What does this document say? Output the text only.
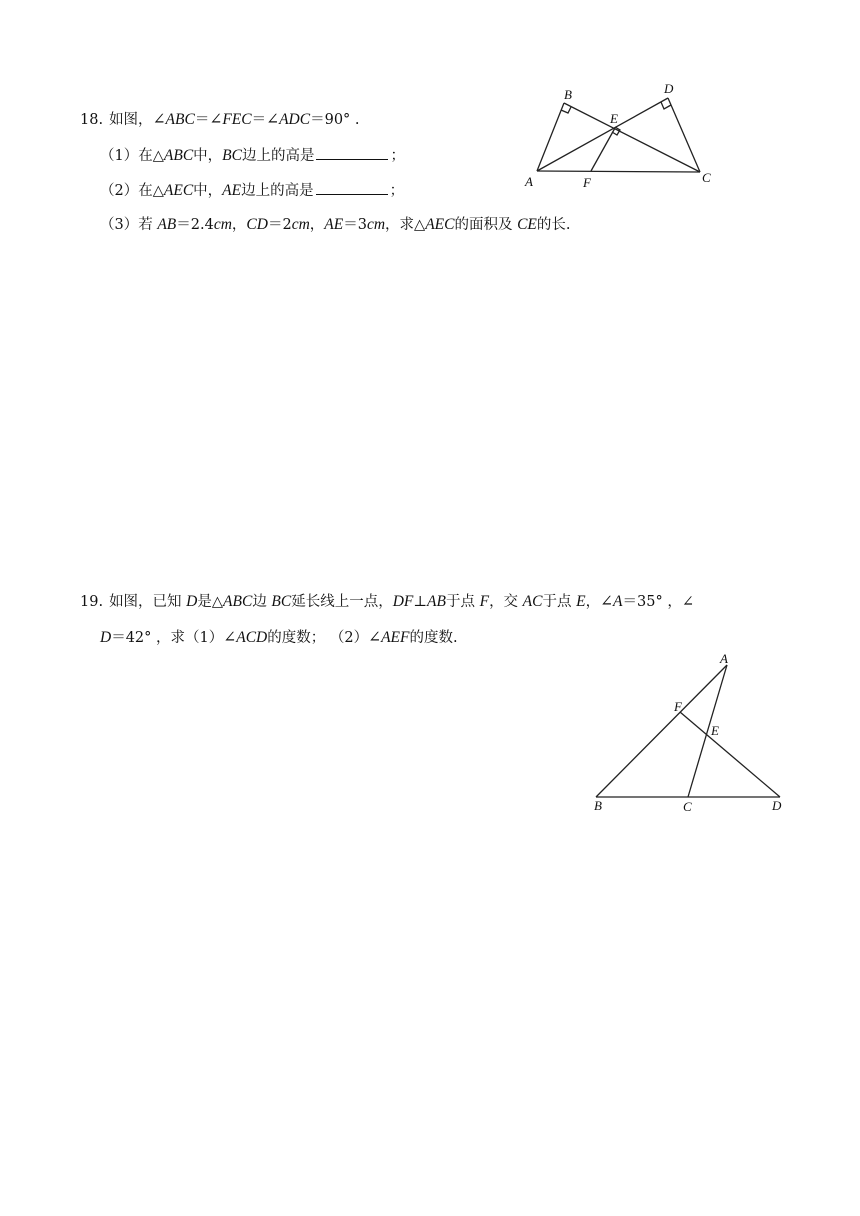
18. 如图，∠ABC＝∠FEC＝∠ADC＝90° .
（1）在△ABC中，BC边上的高是	；
（2）在△AEC中，AE边上的高是	；
（3）若 AB＝2.4cm，CD＝2cm，AE＝3cm，求△AEC的面积及 CE的长.
B	D
E
A	F	C
19. 如图，已知 D是△ABC边 BC延长线上一点，DF⊥AB于点 F，交 AC于点 E，∠A＝35° ，∠
D＝42° ，求（1）∠ACD的度数； （2）∠AEF的度数.
A
F
E
B	C	D
